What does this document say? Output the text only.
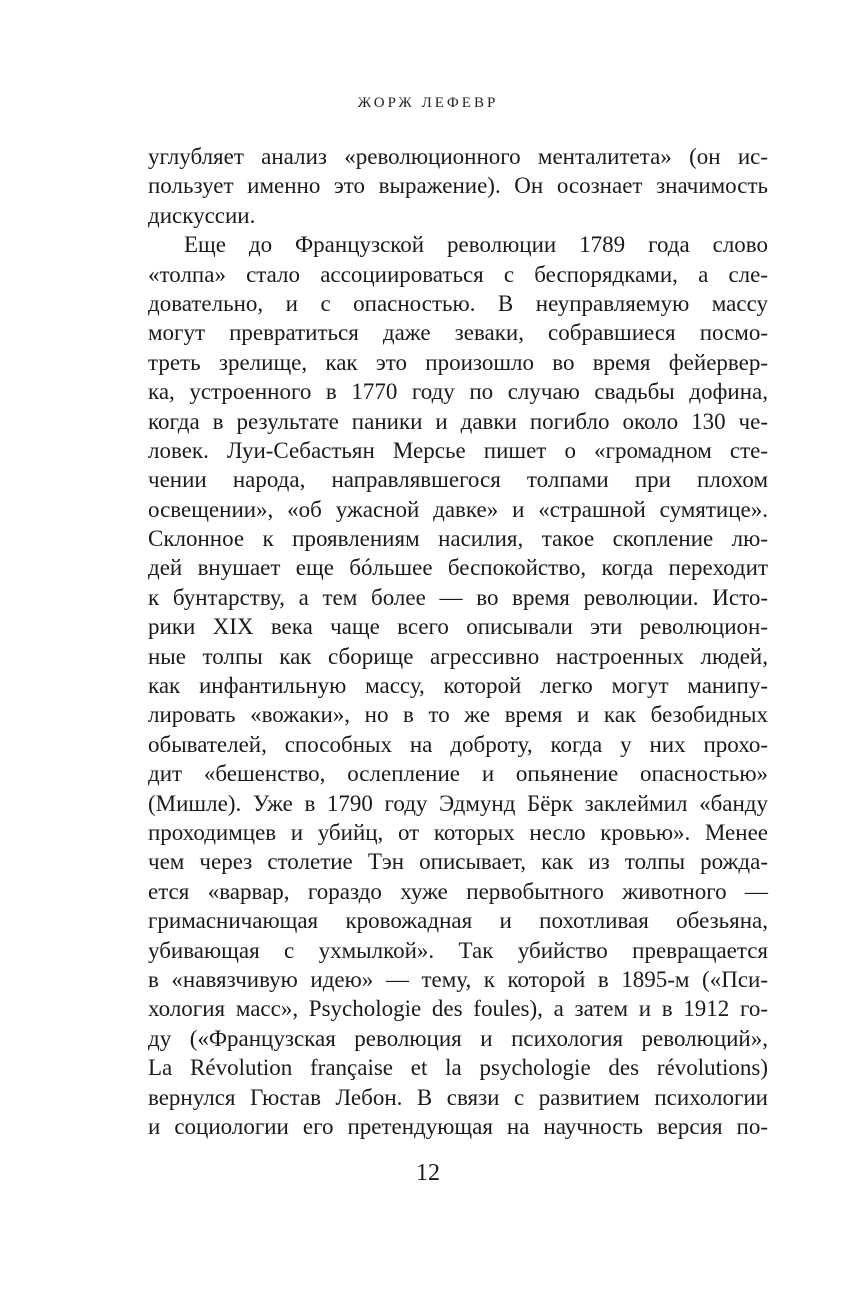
ЖОРЖ ЛЕФЕВР
углубляет анализ «революционного менталитета» (он ис-
пользует именно это выражение). Он осознает значимость
дискуссии.
Еще до Французской революции 1789 года слово
«толпа» стало ассоциироваться с беспорядками, а сле-
довательно, и с опасностью. В неуправляемую массу
могут превратиться даже зеваки, собравшиеся посмо-
треть зрелище, как это произошло во время фейервер-
ка, устроенного в 1770 году по случаю свадьбы дофина,
когда в результате паники и давки погибло около 130 че-
ловек. Луи-Себастьян Мерсье пишет о «громадном сте-
чении народа, направлявшегося толпами при плохом
освещении», «об ужасной давке» и «страшной сумятице».
Склонное к проявлениям насилия, такое скопление лю-
дей внушает еще бóльшее беспокойство, когда переходит
к бунтарству, а тем более — во время революции. Исто-
рики XIX века чаще всего описывали эти революцион-
ные толпы как сборище агрессивно настроенных людей,
как инфантильную массу, которой легко могут манипу-
лировать «вожаки», но в то же время и как безобидных
обывателей, способных на доброту, когда у них прохо-
дит «бешенство, ослепление и опьянение опасностью»
(Мишле). Уже в 1790 году Эдмунд Бёрк заклеймил «банду
проходимцев и убийц, от которых несло кровью». Менее
чем через столетие Тэн описывает, как из толпы рожда-
ется «варвар, гораздо хуже первобытного животного —
гримасничающая кровожадная и похотливая обезьяна,
убивающая с ухмылкой». Так убийство превращается
в «навязчивую идею» — тему, к которой в 1895-м («Пси-
хология масс», Psychologie des foules), а затем и в 1912 го-
ду («Французская революция и психология революций»,
La Révolution française et la psychologie des révolutions)
вернулся Гюстав Лебон. В связи с развитием психологии
и социологии его претендующая на научность версия по-
12
